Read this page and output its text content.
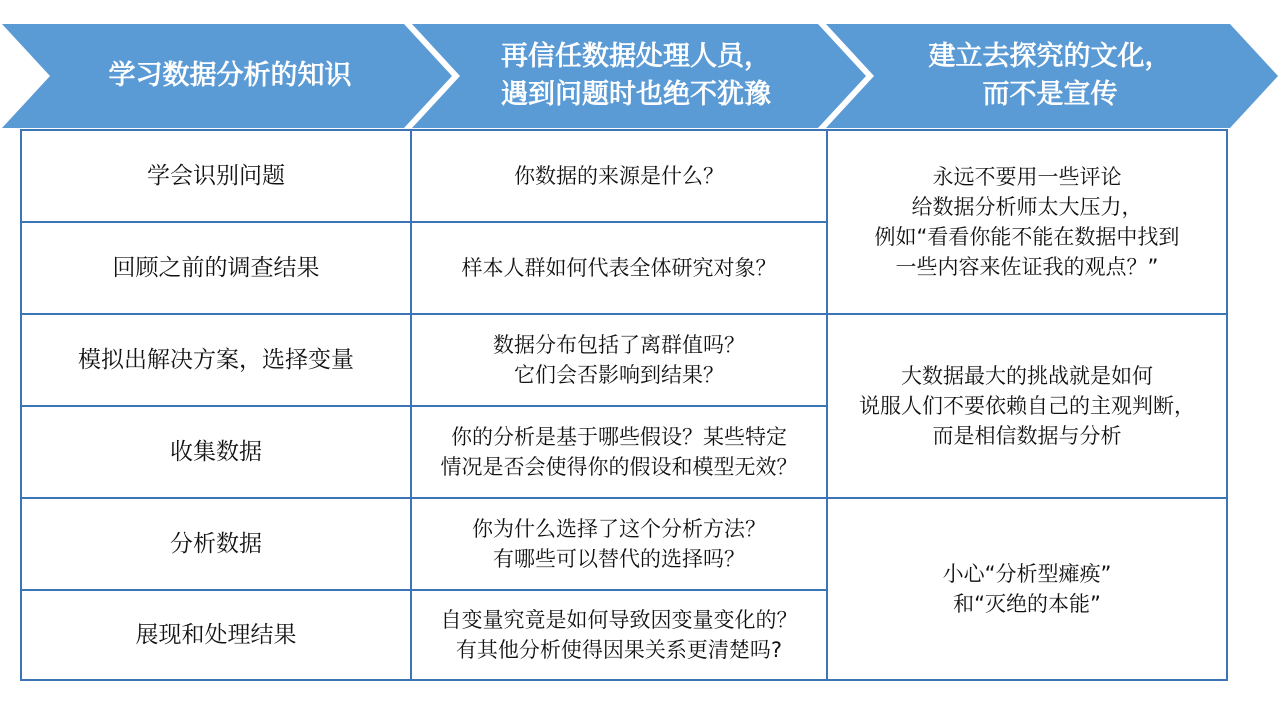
学习数据分析的知识
再信任数据处理人员，
遇到问题时也绝不犹豫
建立去探究的文化，
而不是宣传
学会识别问题
回顾之前的调查结果
模拟出解决方案，选择变量
收集数据
分析数据
展现和处理结果
你数据的来源是什么？
样本人群如何代表全体研究对象？
数据分布包括了离群值吗？
它们会否影响到结果？
你的分析是基于哪些假设？某些特定
情况是否会使得你的假设和模型无效？
你为什么选择了这个分析方法？
有哪些可以替代的选择吗？
自变量究竟是如何导致因变量变化的？
有其他分析使得因果关系更清楚吗?
永远不要用一些评论
给数据分析师太大压力，
例如“看看你能不能在数据中找到
一些内容来佐证我的观点？”
大数据最大的挑战就是如何
说服人们不要依赖自己的主观判断，
而是相信数据与分析
小心“分析型瘫痪”
和“灭绝的本能”
